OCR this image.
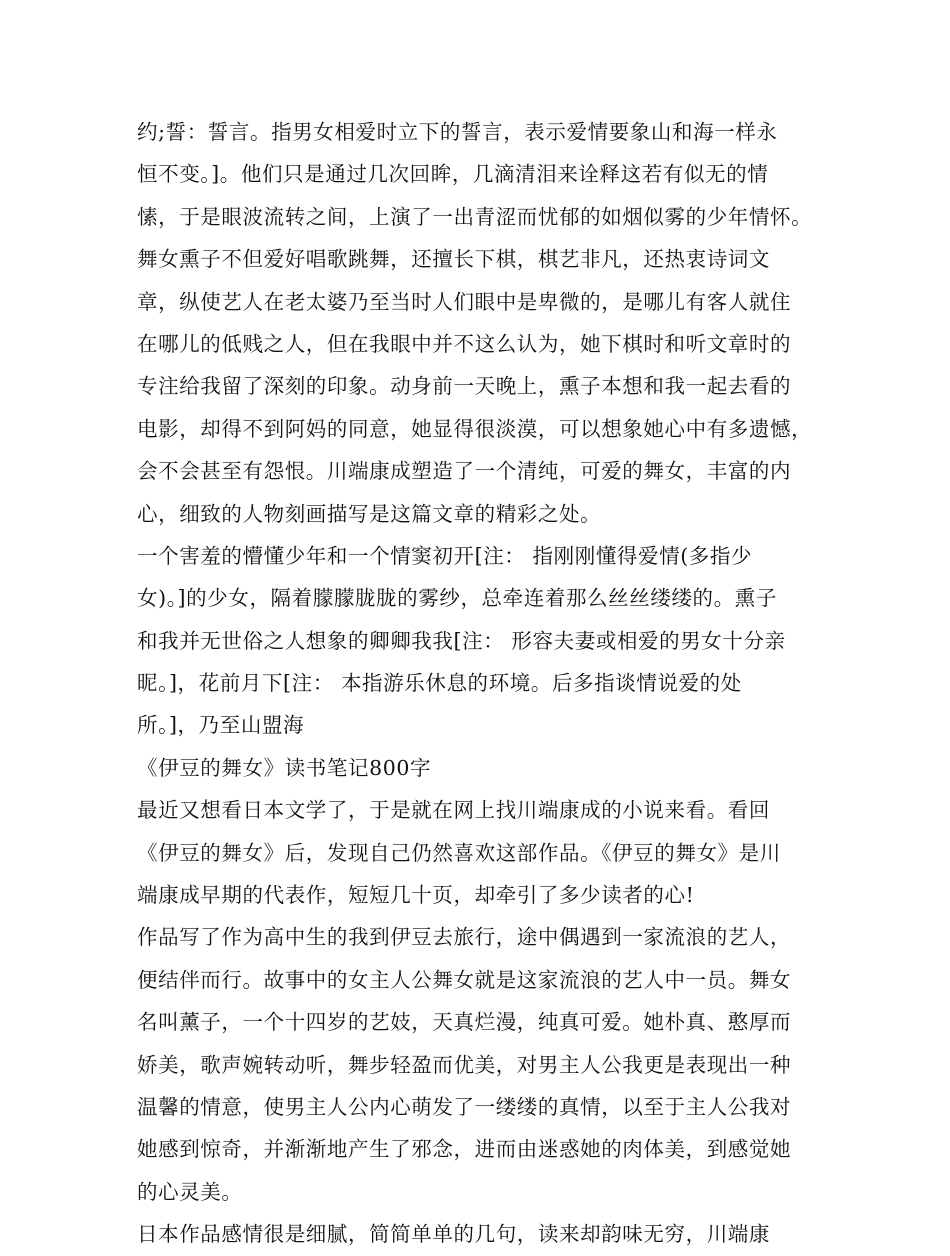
约;誓：誓言。指男女相爱时立下的誓言，表示爱情要象山和海一样永
恒不变。]。他们只是通过几次回眸，几滴清泪来诠释这若有似无的情
愫，于是眼波流转之间，上演了一出青涩而忧郁的如烟似雾的少年情怀。
舞女熏子不但爱好唱歌跳舞，还擅长下棋，棋艺非凡，还热衷诗词文
章，纵使艺人在老太婆乃至当时人们眼中是卑微的，是哪儿有客人就住
在哪儿的低贱之人，但在我眼中并不这么认为，她下棋时和听文章时的
专注给我留了深刻的印象。动身前一天晚上，熏子本想和我一起去看的
电影，却得不到阿妈的同意，她显得很淡漠，可以想象她心中有多遗憾，
会不会甚至有怨恨。川端康成塑造了一个清纯，可爱的舞女，丰富的内
心，细致的人物刻画描写是这篇文章的精彩之处。
一个害羞的懵懂少年和一个情窦初开[注： 指刚刚懂得爱情(多指少
女)。]的少女，隔着朦朦胧胧的雾纱，总牵连着那么丝丝缕缕的。熏子
和我并无世俗之人想象的卿卿我我[注： 形容夫妻或相爱的男女十分亲
昵。]，花前月下[注： 本指游乐休息的环境。后多指谈情说爱的处
所。]，乃至山盟海
《伊豆的舞女》读书笔记800字
最近又想看日本文学了，于是就在网上找川端康成的小说来看。看回
《伊豆的舞女》后，发现自己仍然喜欢这部作品。《伊豆的舞女》是川
端康成早期的代表作，短短几十页，却牵引了多少读者的心!
作品写了作为高中生的我到伊豆去旅行，途中偶遇到一家流浪的艺人，
便结伴而行。故事中的女主人公舞女就是这家流浪的艺人中一员。舞女
名叫薰子，一个十四岁的艺妓，天真烂漫，纯真可爱。她朴真、憨厚而
娇美，歌声婉转动听，舞步轻盈而优美，对男主人公我更是表现出一种
温馨的情意，使男主人公内心萌发了一缕缕的真情，以至于主人公我对
她感到惊奇，并渐渐地产生了邪念，进而由迷惑她的肉体美，到感觉她
的心灵美。
日本作品感情很是细腻，简简单单的几句，读来却韵味无穷，川端康
